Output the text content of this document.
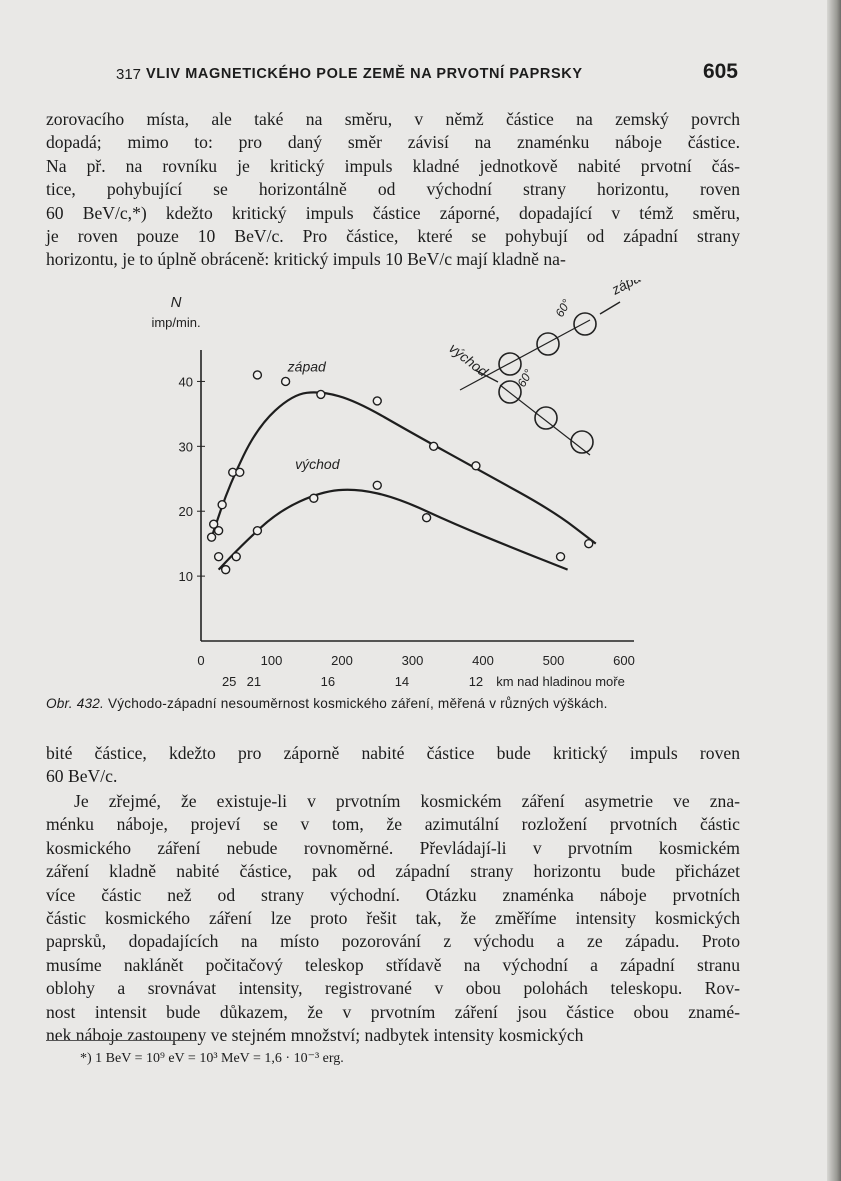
317 VLIV MAGNETICKÉHO POLE ZEMĚ NA PRVOTNÍ PAPRSKY	605
zorovacího místa, ale také na směru, v němž částice na zemský povrch
dopadá; mimo to: pro daný směr závisí na znaménku náboje částice.
Na př. na rovníku je kritický impuls kladné jednotkově nabité prvotní čás-
tice, pohybující se horizontálně od východní strany horizontu, roven
60 BeV/c,*) kdežto kritický impuls částice záporné, dopadající v témž směru,
je roven pouze 10 BeV/c. Pro částice, které se pohybují od západní strany
horizontu, je to úplně obráceně: kritický impuls 10 BeV/c mají kladně na-
10
20
30
40
0	100	200	300	400	500	600
25 21	16	14	12 km nad hladinou moře
N
imp/min.
západ
východ
západ
východ
60°
60°
Obr. 432. Východo-západní nesouměrnost kosmického záření, měřená v různých výškách.
bité částice, kdežto pro záporně nabité částice bude kritický impuls roven
60 BeV/c.
Je zřejmé, že existuje-li v prvotním kosmickém záření asymetrie ve zna-
ménku náboje, projeví se v tom, že azimutální rozložení prvotních částic
kosmického záření nebude rovnoměrné. Převládají-li v prvotním kosmickém
záření kladně nabité částice, pak od západní strany horizontu bude přicházet
více částic než od strany východní. Otázku znaménka náboje prvotních
částic kosmického záření lze proto řešit tak, že změříme intensity kosmických
paprsků, dopadajících na místo pozorování z východu a ze západu. Proto
musíme naklánět počitačový teleskop střídavě na východní a západní stranu
oblohy a srovnávat intensity, registrované v obou polohách teleskopu. Rov-
nost intensit bude důkazem, že v prvotním záření jsou částice obou znamé-
nek náboje zastoupeny ve stejném množství; nadbytek intensity kosmických
*) 1 BeV = 10⁹ eV = 10³ MeV = 1,6 · 10⁻³ erg.
